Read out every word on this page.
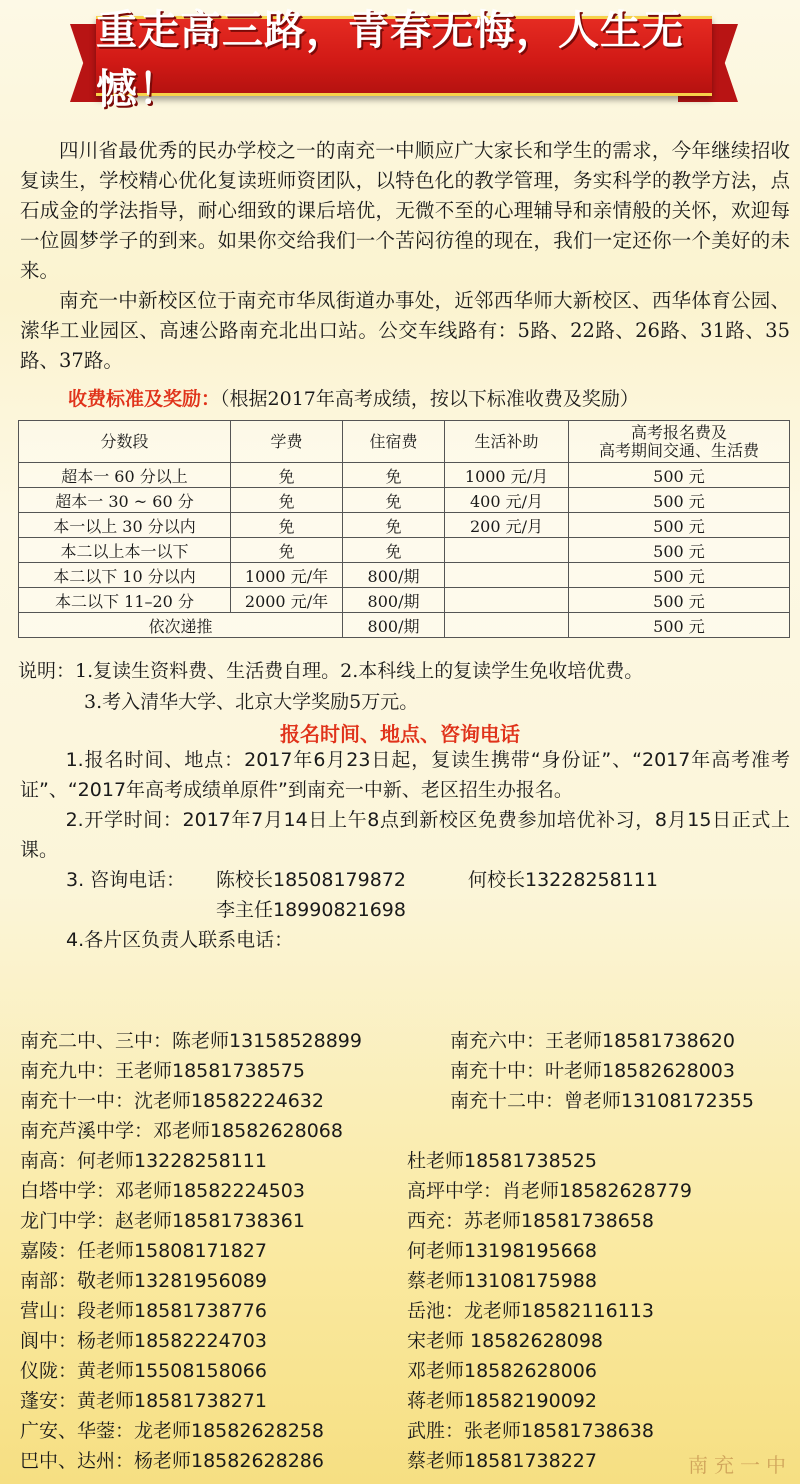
重走高三路，青春无悔，人生无憾！

四川省最优秀的民办学校之一的南充一中顺应广大家长和学生的需求，今年继续招收复读生，学校精心优化复读班师资团队，以特色化的教学管理，务实科学的教学方法，点石成金的学法指导，耐心细致的课后培优，无微不至的心理辅导和亲情般的关怀，欢迎每一位圆梦学子的到来。如果你交给我们一个苦闷彷徨的现在，我们一定还你一个美好的未来。

南充一中新校区位于南充市华凤街道办事处，近邻西华师大新校区、西华体育公园、潆华工业园区、高速公路南充北出口站。公交车线路有：5路、22路、26路、31路、35路、37路。

收费标准及奖励：（根据2017年高考成绩，按以下标准收费及奖励）
分数段	学费	住宿费	生活补助	高考报名费及
高考期间交通、生活费

超本一 60 分以上	免	免	1000 元/月	500 元
超本一 30 ~ 60 分	免	免	400 元/月	500 元
本一以上 30 分以内	免	免	200 元/月	500 元
本二以上本一以下	免	免		500 元
本二以下 10 分以内	1000 元/年	800/期		500 元
本二以下 11–20 分	2000 元/年	800/期		500 元
依次递推		800/期		500 元
说明：1.复读生资料费、生活费自理。2.本科线上的复读学生免收培优费。
3.考入清华大学、北京大学奖励5万元。
报名时间、地点、咨询电话

1.报名时间、地点：2017年6月23日起，复读生携带“身份证”、“2017年高考准考证”、“2017年高考成绩单原件”到南充一中新、老区招生办报名。

2.开学时间：2017年7月14日上午8点到新校区免费参加培优补习，8月15日正式上课。

3. 咨询电话：	陈校长18508179872	何校长13228258111
李主任18990821698
4.各片区负责人联系电话：
南充二中、三中：陈老师13158528899	南充六中：王老师18581738620
南充九中：王老师18581738575	南充十中：叶老师18582628003
南充十一中：沈老师18582224632	南充十二中：曾老师13108172355
南充芦溪中学：邓老师18582628068
南高：何老师13228258111	杜老师18581738525
白塔中学：邓老师18582224503	高坪中学：肖老师18582628779
龙门中学：赵老师18581738361	西充：苏老师18581738658
嘉陵：任老师15808171827	何老师13198195668
南部：敬老师13281956089	蔡老师13108175988
营山：段老师18581738776	岳池：龙老师18582116113
阆中：杨老师18582224703	宋老师 18582628098
仪陇：黄老师15508158066	邓老师18582628006
蓬安：黄老师18581738271	蒋老师18582190092
广安、华蓥：龙老师18582628258	武胜：张老师18581738638
巴中、达州：杨老师18582628286	蔡老师18581738227	南充一中
